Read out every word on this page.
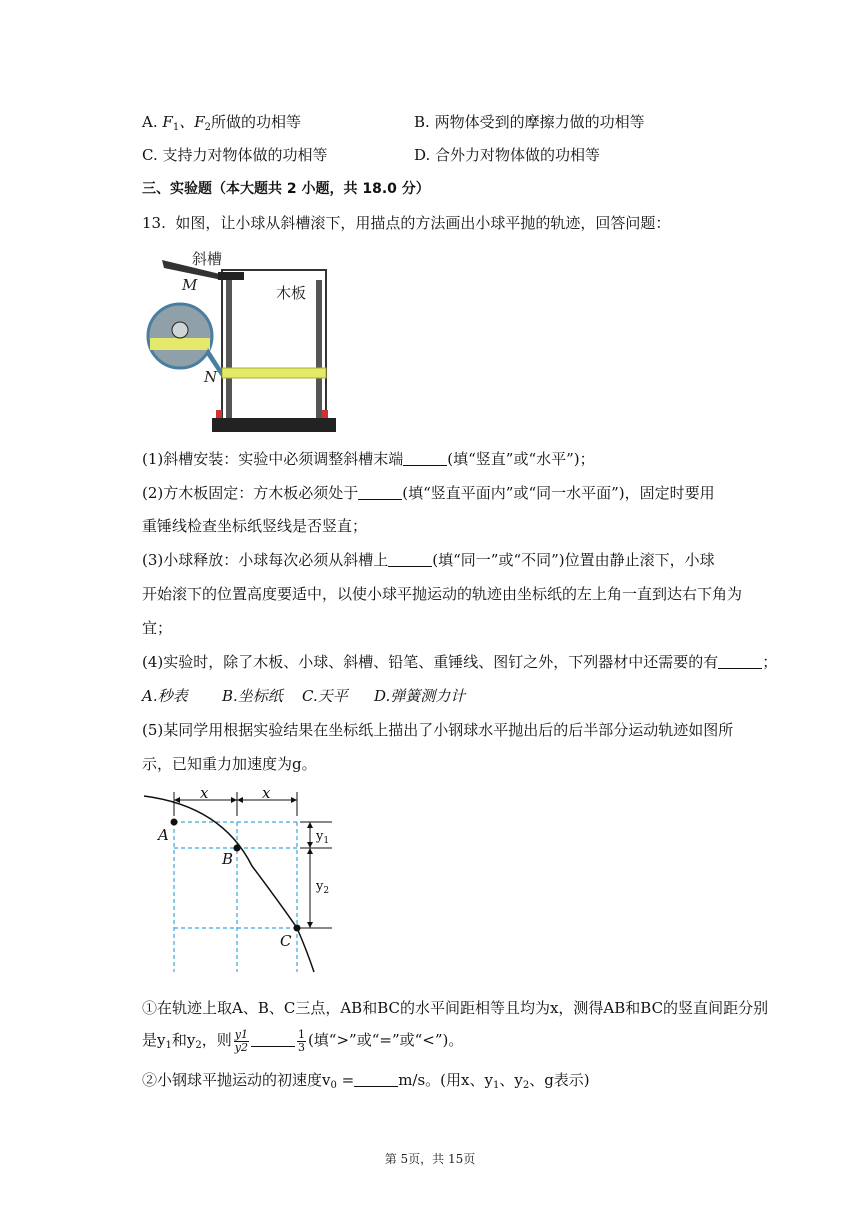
A. $F_1$、$F_2$所做的功相等	B. 两物体受到的摩擦力做的功相等
C. 支持力对物体做的功相等	D. 合外力对物体做的功相等
三、实验题（本大题共 2 小题，共 18.0 分）
13. 如图，让小球从斜槽滚下，用描点的方法画出小球平抛的轨迹，回答问题：
斜槽
木板
M
N
(1)斜槽安装：实验中必须调整斜槽末端	(填“竖直”或“水平”)；
(2)方木板固定：方木板必须处于	(填“竖直平面内”或“同一水平面”)，固定时要用
重锤线检查坐标纸竖线是否竖直；
(3)小球释放：小球每次必须从斜槽上	(填“同一”或“不同”)位置由静止滚下，小球
开始滚下的位置高度要适中，以使小球平抛运动的轨迹由坐标纸的左上角一直到达右下角为
宜；
(4)实验时，除了木板、小球、斜槽、铅笔、重锤线、图钉之外，下列器材中还需要的有	；
A.秒表 B.坐标纸 C.天平 D.弹簧测力计
(5)某同学用根据实验结果在坐标纸上描出了小钢球水平抛出后的后半部分运动轨迹如图所
示，已知重力加速度为g。
x	x
A
B
C
$y_1$
$y_2$
①在轨迹上取A、B、C三点，AB和BC的水平间距相等且均为x，测得AB和BC的竖直间距分别
是$y_1$和$y_2$，则 $\frac{y1}{y2}$	$\frac{1}{3}$ (填“>”或“=”或“<”)。
②小钢球平抛运动的初速度$v_0$ =	m/s。(用x、$y_1$、$y_2$、g表示)
第 5页，共 15页
